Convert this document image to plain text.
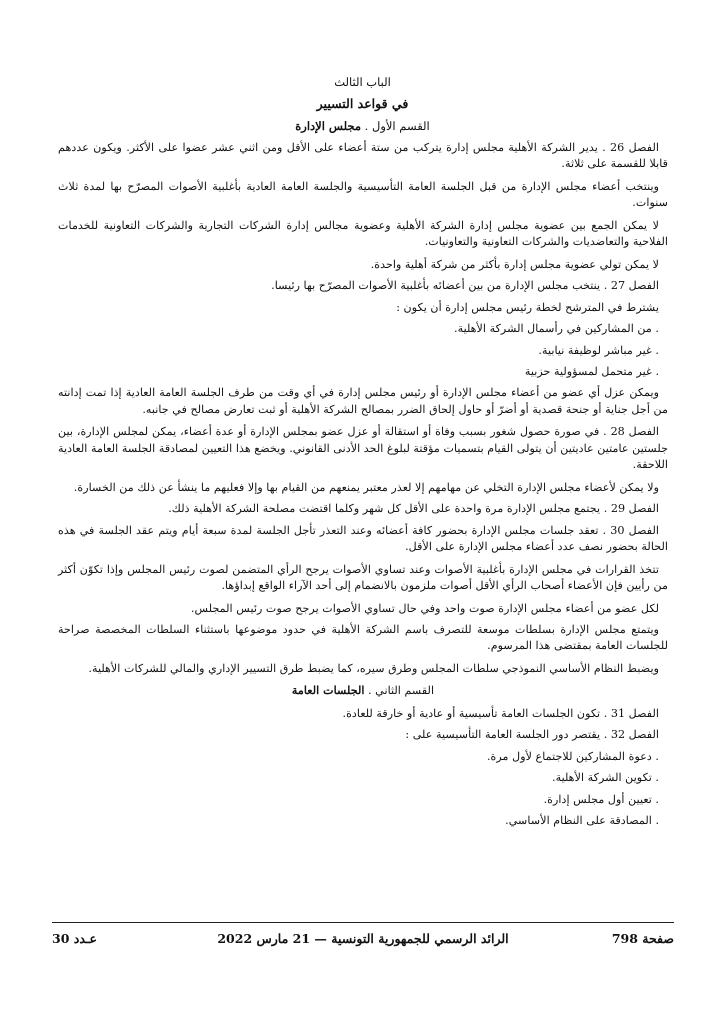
الباب الثالث

في قواعد التسيير

القسم الأول . مجلس الإدارة

الفصل 26 . يدير الشركة الأهلية مجلس إدارة يتركب من ستة أعضاء على الأقل ومن اثني عشر عضوا على الأكثر. ويكون عددهم قابلا للقسمة على ثلاثة.

وينتخب أعضاء مجلس الإدارة من قبل الجلسة العامة التأسيسية والجلسة العامة العادية بأغلبية الأصوات المصرّح بها لمدة ثلاث سنوات.

لا يمكن الجمع بين عضوية مجلس إدارة الشركة الأهلية وعضوية مجالس إدارة الشركات التجارية والشركات التعاونية للخدمات الفلاحية والتعاضديات والشركات التعاونية والتعاونيات.

لا يمكن تولي عضوية مجلس إدارة بأكثر من شركة أهلية واحدة.

الفصل 27 . ينتخب مجلس الإدارة من بين أعضائه بأغلبية الأصوات المصرّح بها رئيسا.

يشترط في المترشح لخطة رئيس مجلس إدارة أن يكون :

. من المشاركين في رأسمال الشركة الأهلية.

. غير مباشر لوظيفة نيابية.

. غير متحمل لمسؤولية حزبية

ويمكن عزل أي عضو من أعضاء مجلس الإدارة أو رئيس مجلس إدارة في أي وقت من طرف الجلسة العامة العادية إذا تمت إدانته من أجل جناية أو جنحة قصدية أو أضرّ أو حاول إلحاق الضرر بمصالح الشركة الأهلية أو ثبت تعارض مصالح في جانبه.

الفصل 28 . في صورة حصول شغور بسبب وفاة أو استقالة أو عزل عضو بمجلس الإدارة أو عدة أعضاء، يمكن لمجلس الإدارة، بين جلستين عامتين عاديتين أن يتولى القيام بتسميات مؤقتة لبلوغ الحد الأدنى القانوني. ويخضع هذا التعيين لمصادقة الجلسة العامة العادية اللاحقة.

ولا يمكن لأعضاء مجلس الإدارة التخلي عن مهامهم إلا لعذر معتبر يمنعهم من القيام بها وإلا فعليهم ما ينشأ عن ذلك من الخسارة.

الفصل 29 . يجتمع مجلس الإدارة مرة واحدة على الأقل كل شهر وكلما اقتضت مصلحة الشركة الأهلية ذلك.

الفصل 30 . تعقد جلسات مجلس الإدارة بحضور كافة أعضائه وعند التعذر تأجل الجلسة لمدة سبعة أيام ويتم عقد الجلسة في هذه الحالة بحضور نصف عدد أعضاء مجلس الإدارة على الأقل.

تتخذ القرارات في مجلس الإدارة بأغلبية الأصوات وعند تساوي الأصوات يرجح الرأي المتضمن لصوت رئيس المجلس وإذا تكوّن أكثر من رأيين فإن الأعضاء أصحاب الرأي الأقل أصوات ملزمون بالانضمام إلى أحد الآراء الواقع إبداؤها.

لكل عضو من أعضاء مجلس الإدارة صوت واحد وفي حال تساوي الأصوات يرجح صوت رئيس المجلس.

ويتمتع مجلس الإدارة بسلطات موسعة للتصرف باسم الشركة الأهلية في حدود موضوعها باستثناء السلطات المخصصة صراحة للجلسات العامة بمقتضى هذا المرسوم.

ويضبط النظام الأساسي النموذجي سلطات المجلس وطرق سيره، كما يضبط طرق التسيير الإداري والمالي للشركات الأهلية.

القسم الثاني . الجلسات العامة

الفصل 31 . تكون الجلسات العامة تأسيسية أو عادية أو خارقة للعادة.

الفصل 32 . يقتصر دور الجلسة العامة التأسيسية على :

. دعوة المشاركين للاجتماع لأول مرة.

. تكوين الشركة الأهلية.

. تعيين أول مجلس إدارة.

. المصادقة على النظام الأساسي.

صفحة 798
الرائد الرسمي للجمهورية التونسية — 21 مارس 2022
عـدد 30
